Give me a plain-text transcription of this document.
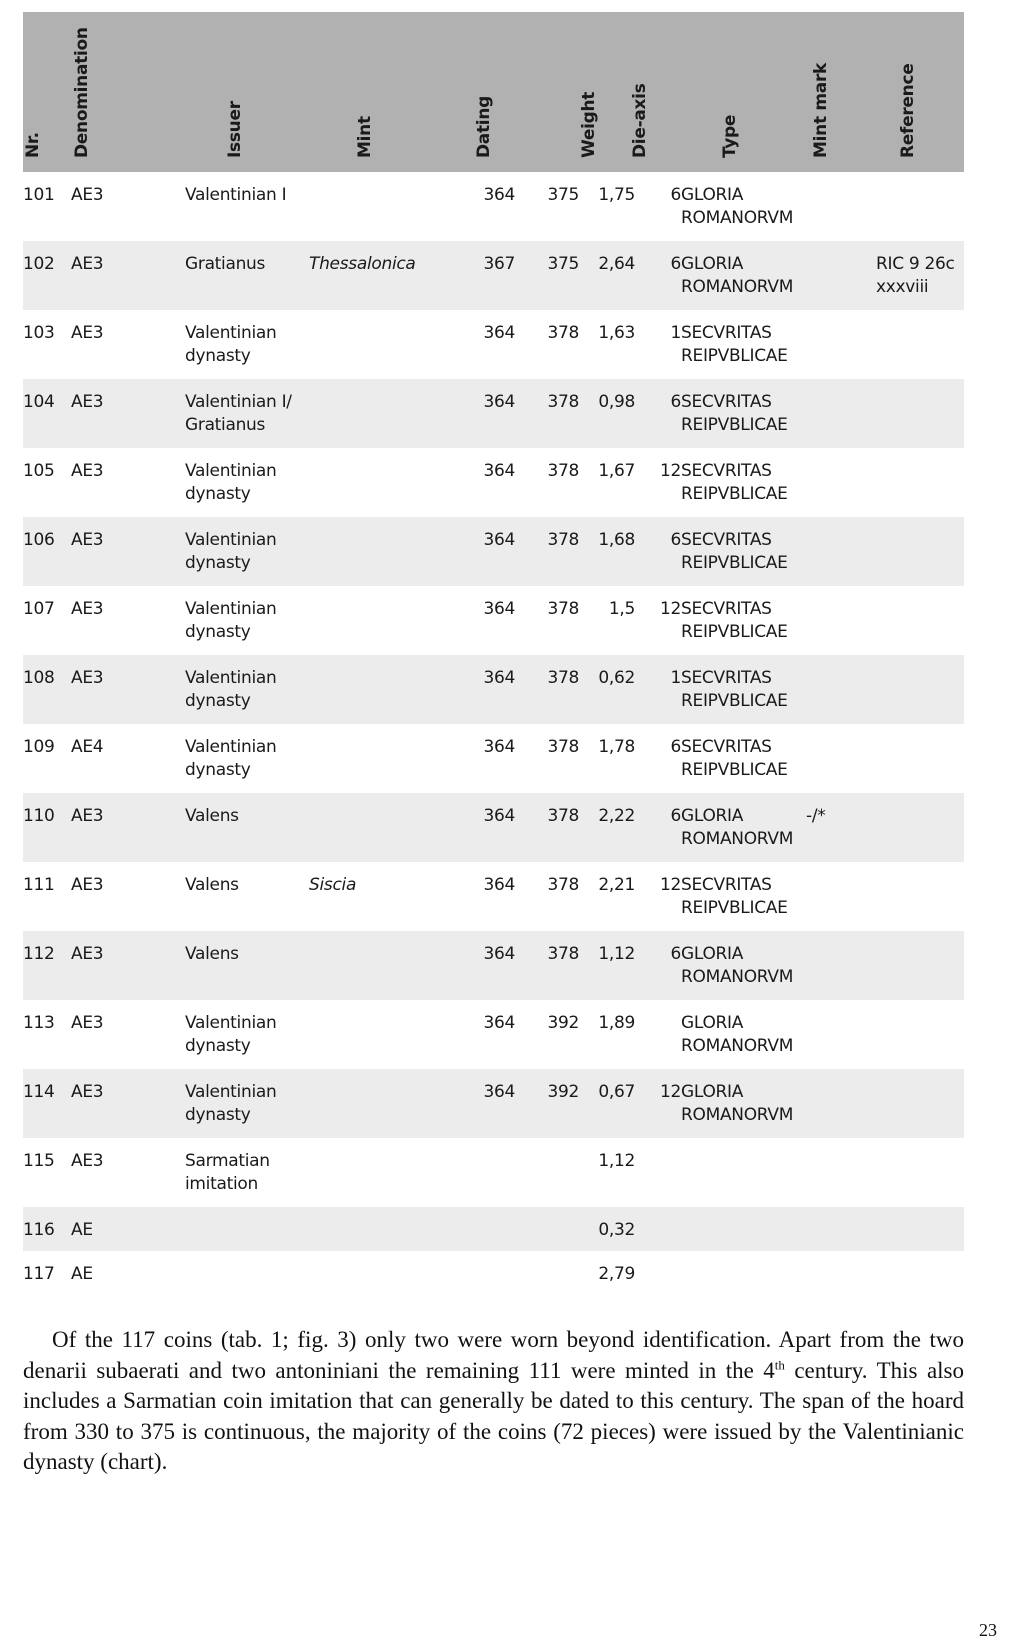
Nr.	Denomination	Issuer	Mint	Dating		Weight	Die-axis	Type	Mint mark	Reference

101	AE3	Valentinian I		364	375	1,75	6	GLORIA ROMANORVM		
102	AE3	Gratianus	Thessalonica	367	375	2,64	6	GLORIA ROMANORVM		RIC 9 26c xxxviii
103	AE3	Valentinian dynasty		364	378	1,63	1	SECVRITAS REIPVBLICAE		
104	AE3	Valentinian I/ Gratianus		364	378	0,98	6	SECVRITAS REIPVBLICAE		
105	AE3	Valentinian dynasty		364	378	1,67	12	SECVRITAS REIPVBLICAE		
106	AE3	Valentinian dynasty		364	378	1,68	6	SECVRITAS REIPVBLICAE		
107	AE3	Valentinian dynasty		364	378	1,5	12	SECVRITAS REIPVBLICAE		
108	AE3	Valentinian dynasty		364	378	0,62	1	SECVRITAS REIPVBLICAE		
109	AE4	Valentinian dynasty		364	378	1,78	6	SECVRITAS REIPVBLICAE		
110	AE3	Valens		364	378	2,22	6	GLORIA ROMANORVM	-/*	
111	AE3	Valens	Siscia	364	378	2,21	12	SECVRITAS REIPVBLICAE		
112	AE3	Valens		364	378	1,12	6	GLORIA ROMANORVM		
113	AE3	Valentinian dynasty		364	392	1,89		GLORIA ROMANORVM		
114	AE3	Valentinian dynasty		364	392	0,67	12	GLORIA ROMANORVM		
115	AE3	Sarmatian imitation				1,12				
116	AE					0,32				
117	AE					2,79				
Of the 117 coins (tab. 1; fig. 3) only two were worn beyond identification. Apart from the two denarii subaerati and two antoniniani the remaining 111 were minted in the 4th century. This also includes a Sarmatian coin imitation that can generally be dated to this century. The span of the hoard from 330 to 375 is continuous, the majority of the coins (72 pieces) were issued by the Valentinianic dynasty (chart).
23
